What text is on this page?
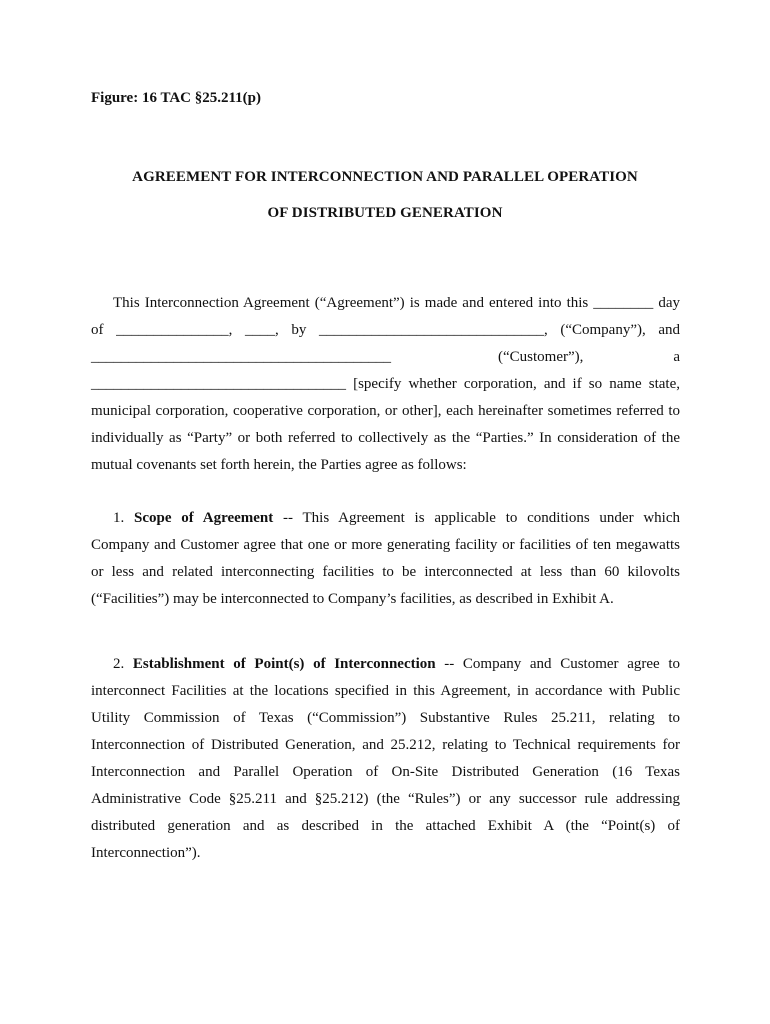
Figure: 16 TAC §25.211(p)

AGREEMENT FOR INTERCONNECTION AND PARALLEL OPERATION

OF DISTRIBUTED GENERATION

This Interconnection Agreement (“Agreement”) is made and entered into this ________ day
of _______________, ____, by ______________________________, (“Company”), and
________________________________________	(“Customer”),	a
__________________________________ [specify whether corporation, and if so name state,
municipal corporation, cooperative corporation, or other], each hereinafter sometimes referred to
individually as “Party” or both referred to collectively as the “Parties.” In consideration of the
mutual covenants set forth herein, the Parties agree as follows:
1. Scope of Agreement -- This Agreement is applicable to conditions under which
Company and Customer agree that one or more generating facility or facilities of ten megawatts
or less and related interconnecting facilities to be interconnected at less than 60 kilovolts
(“Facilities”) may be interconnected to Company’s facilities, as described in Exhibit A.
2. Establishment of Point(s) of Interconnection -- Company and Customer agree to
interconnect Facilities at the locations specified in this Agreement, in accordance with Public
Utility Commission of Texas (“Commission”) Substantive Rules 25.211, relating to
Interconnection of Distributed Generation, and 25.212, relating to Technical requirements for
Interconnection and Parallel Operation of On-Site Distributed Generation (16 Texas
Administrative Code §25.211 and §25.212) (the “Rules”) or any successor rule addressing
distributed generation and as described in the attached Exhibit A (the “Point(s) of
Interconnection”).
